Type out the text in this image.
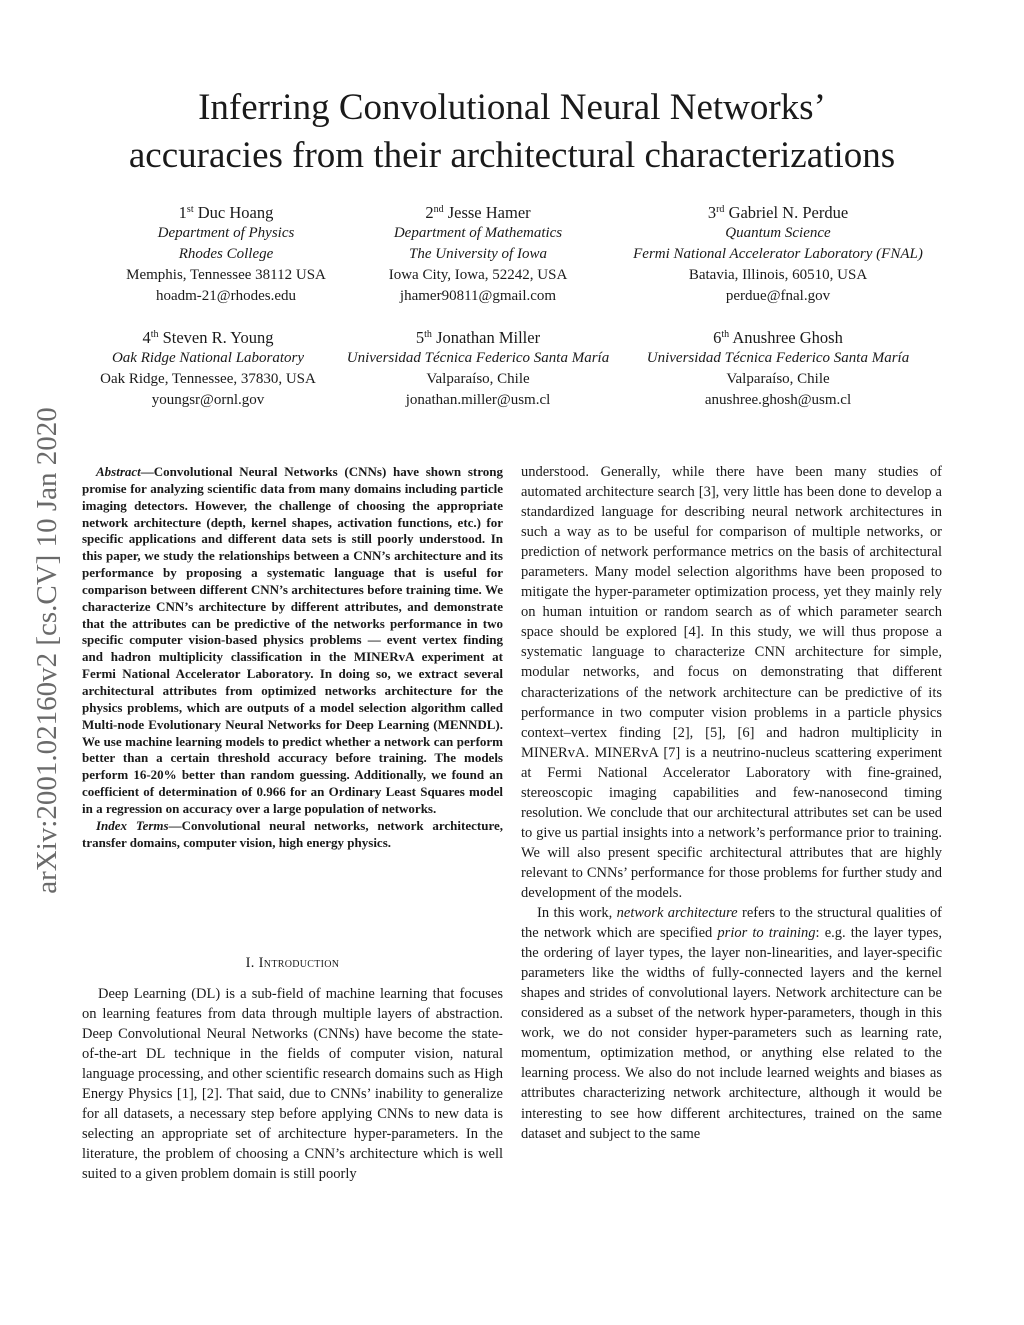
arXiv:2001.02160v2 [cs.CV] 10 Jan 2020
Inferring Convolutional Neural Networks’
accuracies from their architectural characterizations
1st Duc Hoang
Department of Physics
Rhodes College
Memphis, Tennessee 38112 USA
hoadm-21@rhodes.edu
2nd Jesse Hamer
Department of Mathematics
The University of Iowa
Iowa City, Iowa, 52242, USA
jhamer90811@gmail.com
3rd Gabriel N. Perdue
Quantum Science
Fermi National Accelerator Laboratory (FNAL)
Batavia, Illinois, 60510, USA
perdue@fnal.gov
4th Steven R. Young
Oak Ridge National Laboratory
Oak Ridge, Tennessee, 37830, USA
youngsr@ornl.gov
5th Jonathan Miller
Universidad Técnica Federico Santa María
Valparaíso, Chile
jonathan.miller@usm.cl
6th Anushree Ghosh
Universidad Técnica Federico Santa María
Valparaíso, Chile
anushree.ghosh@usm.cl

Abstract—Convolutional Neural Networks (CNNs) have shown strong promise for analyzing scientific data from many domains including particle imaging detectors. However, the challenge of choosing the appropriate network architecture (depth, kernel shapes, activation functions, etc.) for specific applications and different data sets is still poorly understood. In this paper, we study the relationships between a CNN’s architecture and its performance by proposing a systematic language that is useful for comparison between different CNN’s architectures before training time. We characterize CNN’s architecture by different attributes, and demonstrate that the attributes can be predictive of the networks performance in two specific computer vision-based physics problems — event vertex finding and hadron multiplicity classification in the MINERvA experiment at Fermi National Accelerator Laboratory. In doing so, we extract several architectural attributes from optimized networks architecture for the physics problems, which are outputs of a model selection algorithm called Multi-node Evolutionary Neural Networks for Deep Learning (MENNDL). We use machine learning models to predict whether a network can perform better than a certain threshold accuracy before training. The models perform 16-20% better than random guessing. Additionally, we found an coefficient of determination of 0.966 for an Ordinary Least Squares model in a regression on accuracy over a large population of networks.

Index Terms—Convolutional neural networks, network architecture, transfer domains, computer vision, high energy physics.

I. Introduction

Deep Learning (DL) is a sub-field of machine learning that focuses on learning features from data through multiple layers of abstraction. Deep Convolutional Neural Networks (CNNs) have become the state-of-the-art DL technique in the fields of computer vision, natural language processing, and other scientific research domains such as High Energy Physics [1], [2]. That said, due to CNNs’ inability to generalize for all datasets, a necessary step before applying CNNs to new data is selecting an appropriate set of architecture hyper-parameters. In the literature, the problem of choosing a CNN’s architecture which is well suited to a given problem domain is still poorly

understood. Generally, while there have been many studies of automated architecture search [3], very little has been done to develop a standardized language for describing neural network architectures in such a way as to be useful for comparison of multiple networks, or prediction of network performance metrics on the basis of architectural parameters. Many model selection algorithms have been proposed to mitigate the hyper-parameter optimization process, yet they mainly rely on human intuition or random search as of which parameter search space should be explored [4]. In this study, we will thus propose a systematic language to characterize CNN architecture for simple, modular networks, and focus on demonstrating that different characterizations of the network architecture can be predictive of its performance in two computer vision problems in a particle physics context–vertex finding [2], [5], [6] and hadron multiplicity in MINERvA. MINERvA [7] is a neutrino-nucleus scattering experiment at Fermi National Accelerator Laboratory with fine-grained, stereoscopic imaging capabilities and few-nanosecond timing resolution. We conclude that our architectural attributes set can be used to give us partial insights into a network’s performance prior to training. We will also present specific architectural attributes that are highly relevant to CNNs’ performance for those problems for further study and development of the models.

In this work, network architecture refers to the structural qualities of the network which are specified prior to training: e.g. the layer types, the ordering of layer types, the layer non-linearities, and layer-specific parameters like the widths of fully-connected layers and the kernel shapes and strides of convolutional layers. Network architecture can be considered as a subset of the network hyper-parameters, though in this work, we do not consider hyper-parameters such as learning rate, momentum, optimization method, or anything else related to the learning process. We also do not include learned weights and biases as attributes characterizing network architecture, although it would be interesting to see how different architectures, trained on the same dataset and subject to the same
